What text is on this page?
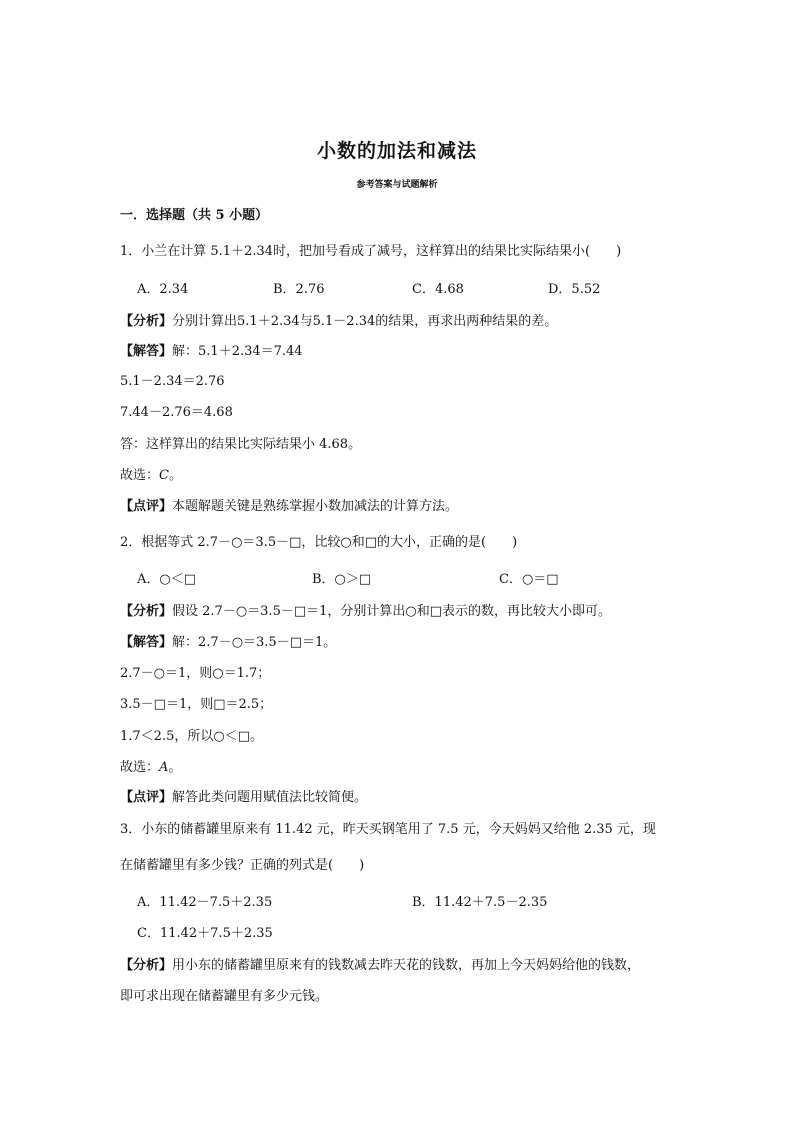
小数的加法和减法
参考答案与试题解析
一．选择题（共 5 小题）
1．小兰在计算 5.1＋2.34时，把加号看成了减号，这样算出的结果比实际结果小(　　)
A．2.34	B．2.76	C．4.68	D．5.52
【分析】分别计算出5.1＋2.34与5.1－2.34的结果，再求出两种结果的差。
【解答】解：5.1＋2.34＝7.44
5.1－2.34＝2.76
7.44－2.76＝4.68
答：这样算出的结果比实际结果小 4.68。
故选：C。
【点评】本题解题关键是熟练掌握小数加减法的计算方法。
2．根据等式 2.7－○＝3.5－□，比较○和□的大小，正确的是(　　)
A．○＜□	B．○＞□	C．○＝□
【分析】假设 2.7－○＝3.5－□＝1，分别计算出○和□表示的数，再比较大小即可。
【解答】解：2.7－○＝3.5－□＝1。
2.7－○＝1，则○＝1.7；
3.5－□＝1，则□＝2.5；
1.7＜2.5，所以○＜□。
故选：A。
【点评】解答此类问题用赋值法比较简便。
3．小东的储蓄罐里原来有 11.42 元，昨天买钢笔用了 7.5 元，今天妈妈又给他 2.35 元，现
在储蓄罐里有多少钱？正确的列式是(　　)
A．11.42－7.5＋2.35	B．11.42＋7.5－2.35
C．11.42＋7.5＋2.35
【分析】用小东的储蓄罐里原来有的钱数减去昨天花的钱数，再加上今天妈妈给他的钱数，
即可求出现在储蓄罐里有多少元钱。
